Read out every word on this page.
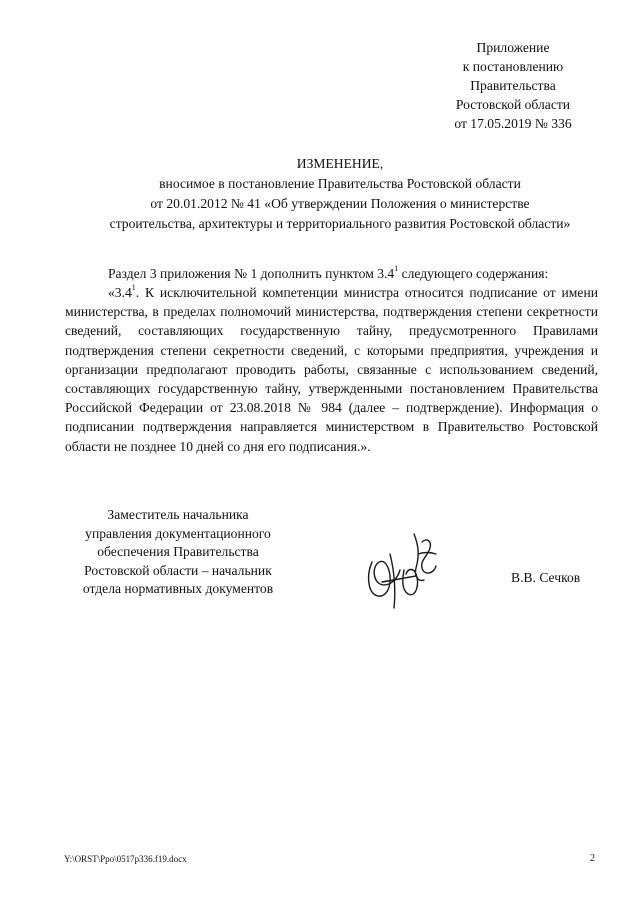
Приложение
к постановлению
Правительства
Ростовской области
от 17.05.2019 № 336
ИЗМЕНЕНИЕ,
вносимое в постановление Правительства Ростовской области
от 20.01.2012 № 41 «Об утверждении Положения о министерстве
строительства, архитектуры и территориального развития Ростовской области»
Раздел 3 приложения № 1 дополнить пунктом $3.4^1$ следующего содержания:
«$3.4^1$. К исключительной компетенции министра относится подписание от имени министерства, в пределах полномочий министерства, подтверждения степени секретности сведений, составляющих государственную тайну, предусмотренного Правилами подтверждения степени секретности сведений, с которыми предприятия, учреждения и организации предполагают проводить работы, связанные с использованием сведений, составляющих государственную тайну, утвержденными постановлением Правительства Российской Федерации от 23.08.2018 № 984 (далее – подтверждение). Информация о подписании подтверждения направляется министерством в Правительство Ростовской области не позднее 10 дней со дня его подписания.».
Заместитель начальника
управления документационного
обеспечения Правительства
Ростовской области – начальник
отдела нормативных документов
В.В. Сечков
Y:\ORST\Ppo\0517p336.f19.docx	2
